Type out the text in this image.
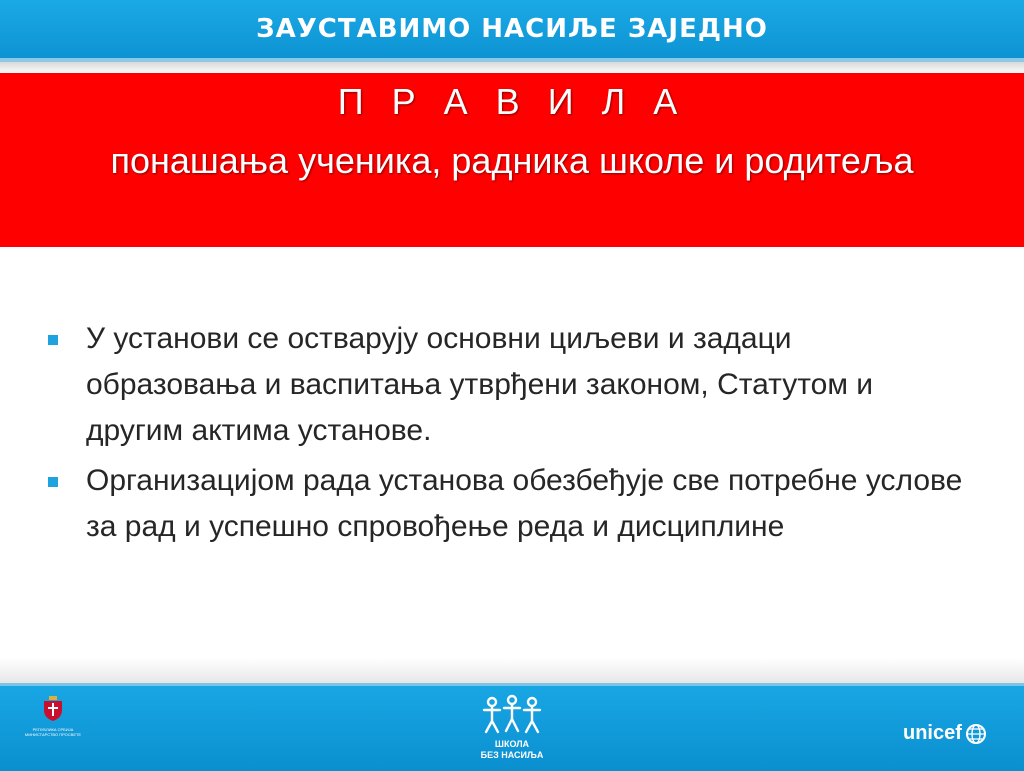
ЗАУСТАВИМО НАСИЉЕ ЗАЈЕДНО
П Р А В И Л А
понашања ученика, радника школе и родитеља
У установи се остварују основни циљеви и задаци образовања и васпитања утврђени законом, Статутом и другим актима установе.
Организацијом рада установа обезбеђује све потребне услове за рад и успешно спровођење реда и дисциплине
РЕПУБЛИКА СРБИЈА МИНИСТАРСТВО ПРОСВЕТЕ
ШКОЛА
БЕЗ НАСИЉА
unicef
